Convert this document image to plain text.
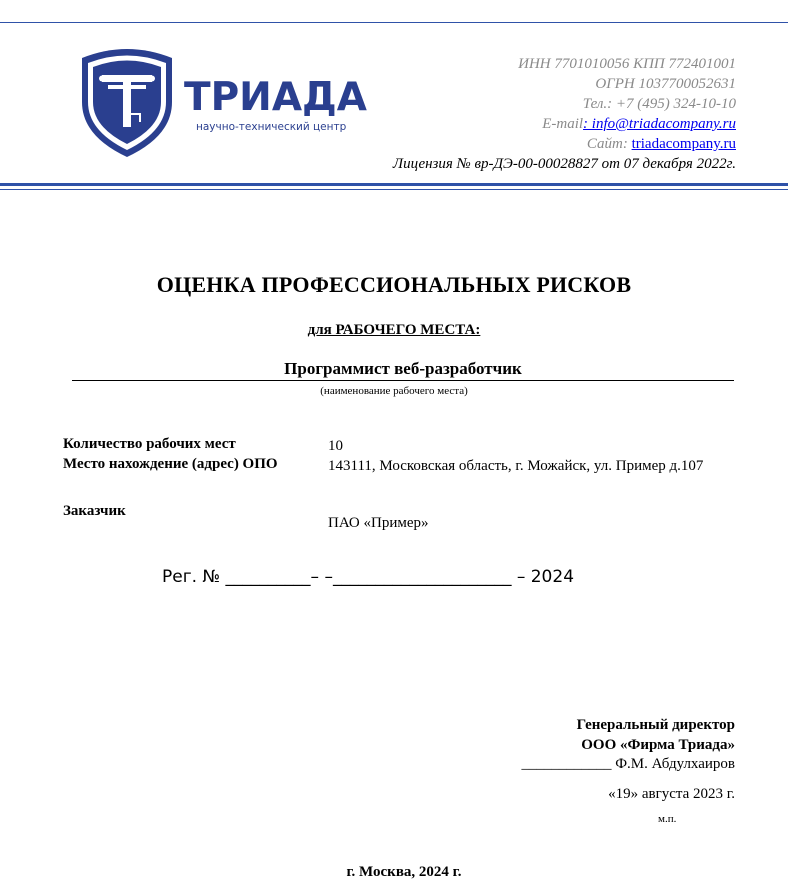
ТРИАДА
научно-технический центр
ИНН 7701010056 КПП 772401001
ОГРН 1037700052631
Тел.: +7 (495) 324-10-10
E-mail: info@triadacompany.ru
Сайт: triadacompany.ru
Лицензия № вр-ДЭ-00-00028827 от 07 декабря 2022г.
ОЦЕНКА ПРОФЕССИОНАЛЬНЫХ РИСКОВ
для РАБОЧЕГО МЕСТА:
Программист веб-разработчик
(наименование рабочего места)
Количество рабочих мест	10
Место нахождение (адрес) ОПО	143111, Московская область, г. Можайск, ул. Пример д.107
Заказчик
ПАО «Пример»
Рег. № __________– –_____________________ – 2024
Генеральный директор
ООО «Фирма Триада»
____________ Ф.М. Абдулхаиров
«19» августа 2023 г.
м.п.
г. Москва, 2024 г.
